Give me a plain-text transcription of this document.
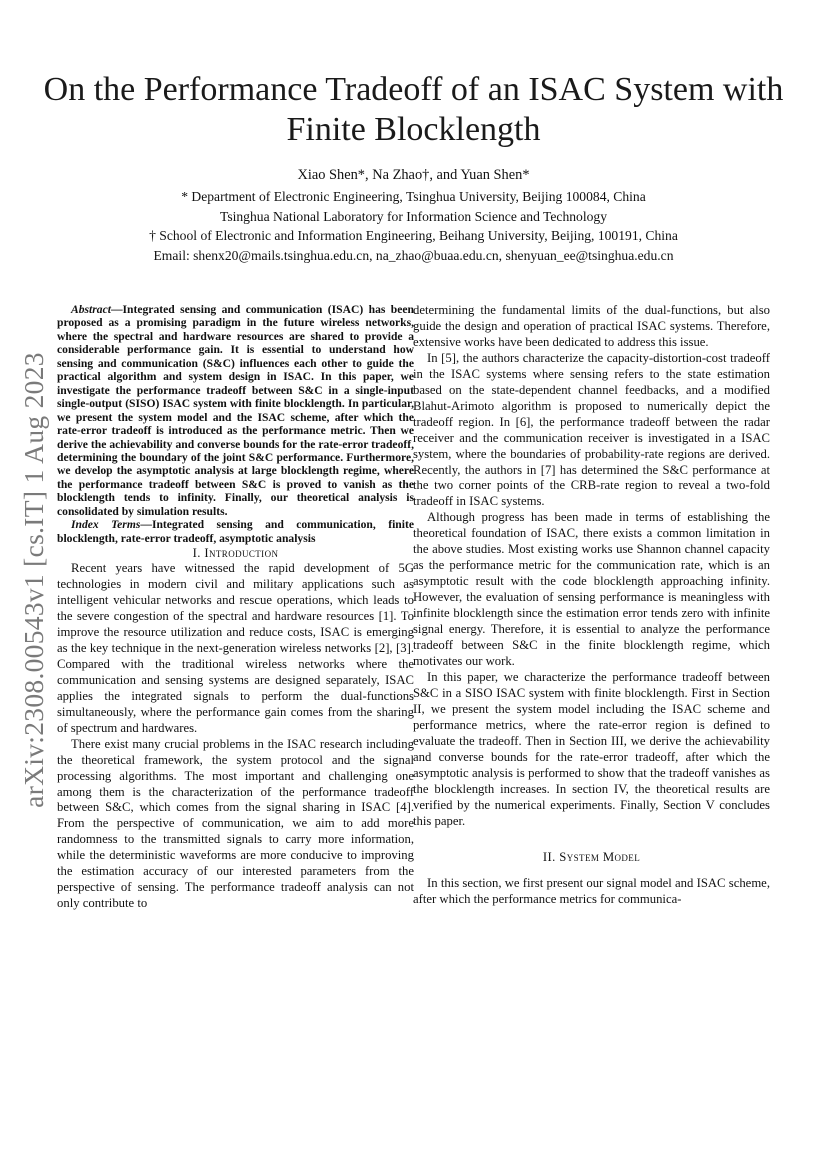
On the Performance Tradeoff of an ISAC System with Finite Blocklength
Xiao Shen*, Na Zhao†, and Yuan Shen*
* Department of Electronic Engineering, Tsinghua University, Beijing 100084, China
Tsinghua National Laboratory for Information Science and Technology
† School of Electronic and Information Engineering, Beihang University, Beijing, 100191, China
Email: shenx20@mails.tsinghua.edu.cn, na_zhao@buaa.edu.cn, shenyuan_ee@tsinghua.edu.cn
arXiv:2308.00543v1 [cs.IT] 1 Aug 2023

Abstract—Integrated sensing and communication (ISAC) has been proposed as a promising paradigm in the future wireless networks, where the spectral and hardware resources are shared to provide a considerable performance gain. It is essential to understand how sensing and communication (S&C) influences each other to guide the practical algorithm and system design in ISAC. In this paper, we investigate the performance tradeoff between S&C in a single-input single-output (SISO) ISAC system with finite blocklength. In particular, we present the system model and the ISAC scheme, after which the rate-error tradeoff is introduced as the performance metric. Then we derive the achievability and converse bounds for the rate-error tradeoff, determining the boundary of the joint S&C performance. Furthermore, we develop the asymptotic analysis at large blocklength regime, where the performance tradeoff between S&C is proved to vanish as the blocklength tends to infinity. Finally, our theoretical analysis is consolidated by simulation results.

Index Terms—Integrated sensing and communication, finite blocklength, rate-error tradeoff, asymptotic analysis

I. Introduction

Recent years have witnessed the rapid development of 5G technologies in modern civil and military applications such as intelligent vehicular networks and rescue operations, which leads to the severe congestion of the spectral and hardware resources [1]. To improve the resource utilization and reduce costs, ISAC is emerging as the key technique in the next-generation wireless networks [2], [3]. Compared with the traditional wireless networks where the communication and sensing systems are designed separately, ISAC applies the integrated signals to perform the dual-functions simultaneously, where the performance gain comes from the sharing of spectrum and hardwares.

There exist many crucial problems in the ISAC research including the theoretical framework, the system protocol and the signal processing algorithms. The most important and challenging one among them is the characterization of the performance tradeoff between S&C, which comes from the signal sharing in ISAC [4]. From the perspective of communication, we aim to add more randomness to the transmitted signals to carry more information, while the deterministic waveforms are more conducive to improving the estimation accuracy of our interested parameters from the perspective of sensing. The performance tradeoff analysis can not only contribute to

determining the fundamental limits of the dual-functions, but also guide the design and operation of practical ISAC systems. Therefore, extensive works have been dedicated to address this issue.

In [5], the authors characterize the capacity-distortion-cost tradeoff in the ISAC systems where sensing refers to the state estimation based on the state-dependent channel feedbacks, and a modified Blahut-Arimoto algorithm is proposed to numerically depict the tradeoff region. In [6], the performance tradeoff between the radar receiver and the communication receiver is investigated in a ISAC system, where the boundaries of probability-rate regions are derived. Recently, the authors in [7] has determined the S&C performance at the two corner points of the CRB-rate region to reveal a two-fold tradeoff in ISAC systems.

Although progress has been made in terms of establishing the theoretical foundation of ISAC, there exists a common limitation in the above studies. Most existing works use Shannon channel capacity as the performance metric for the communication rate, which is an asymptotic result with the code blocklength approaching infinity. However, the evaluation of sensing performance is meaningless with infinite blocklength since the estimation error tends zero with infinite signal energy. Therefore, it is essential to analyze the performance tradeoff between S&C in the finite blocklength regime, which motivates our work.

In this paper, we characterize the performance tradeoff between S&C in a SISO ISAC system with finite blocklength. First in Section II, we present the system model including the ISAC scheme and performance metrics, where the rate-error region is defined to evaluate the tradeoff. Then in Section III, we derive the achievability and converse bounds for the rate-error tradeoff, after which the asymptotic analysis is performed to show that the tradeoff vanishes as the blocklength increases. In section IV, the theoretical results are verified by the numerical experiments. Finally, Section V concludes this paper.

II. System Model

In this section, we first present our signal model and ISAC scheme, after which the performance metrics for communica-
